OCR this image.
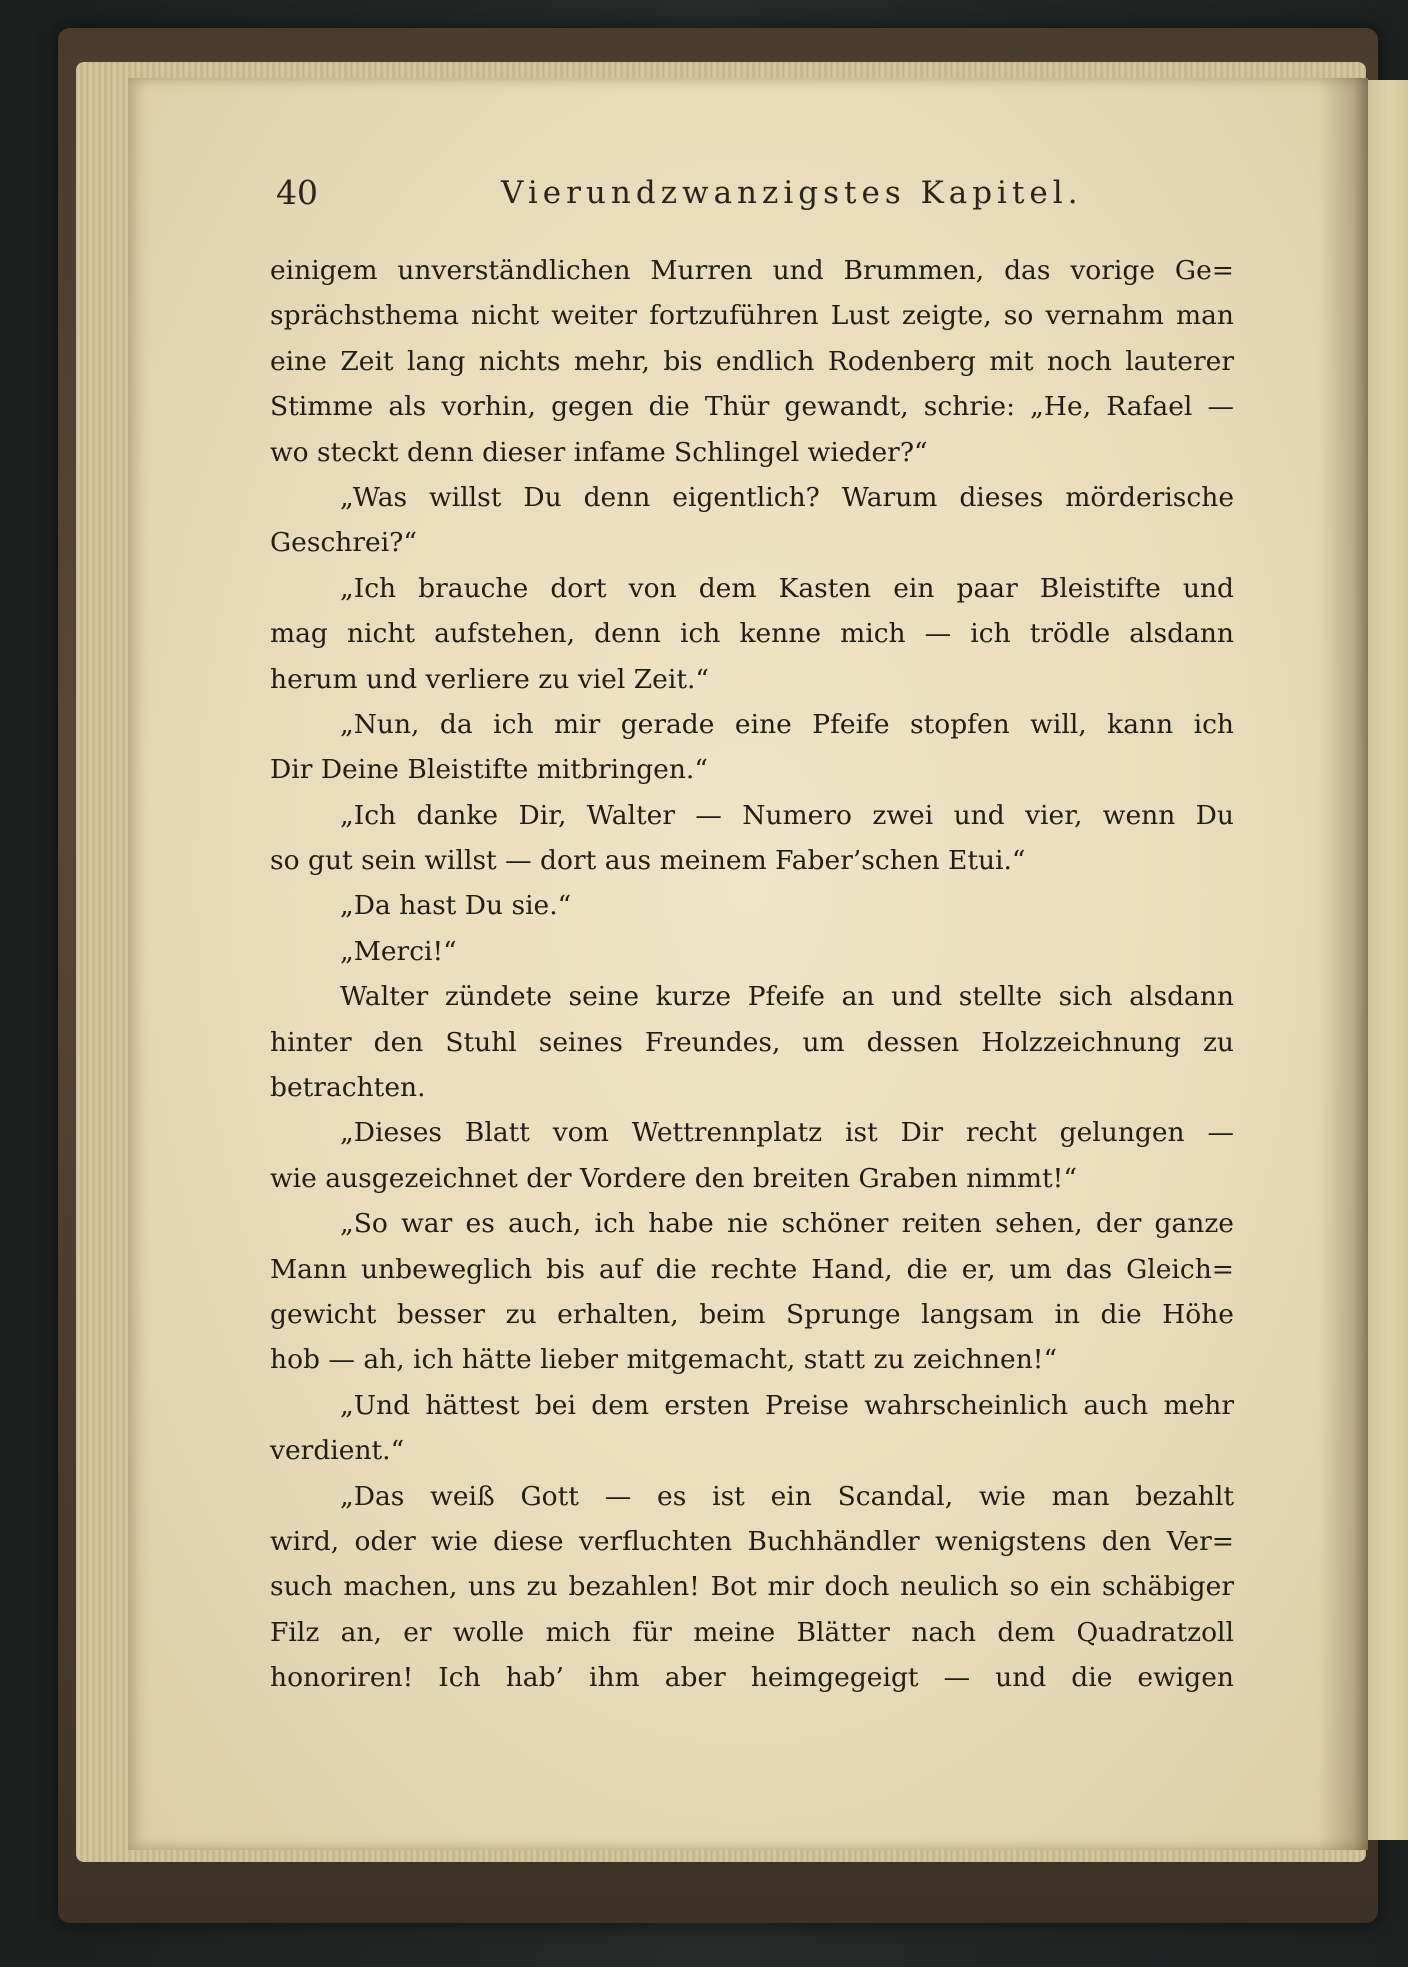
40	Vierundzwanzigstes Kapitel.
einigem unverständlichen Murren und Brummen, das vorige Ge=
sprächsthema nicht weiter fortzuführen Lust zeigte, so vernahm man
eine Zeit lang nichts mehr, bis endlich Rodenberg mit noch lauterer
Stimme als vorhin, gegen die Thür gewandt, schrie: „He, Rafael —
wo steckt denn dieser infame Schlingel wieder?“
„Was willst Du denn eigentlich? Warum dieses mörderische
Geschrei?“
„Ich brauche dort von dem Kasten ein paar Bleistifte und
mag nicht aufstehen, denn ich kenne mich — ich trödle alsdann
herum und verliere zu viel Zeit.“
„Nun, da ich mir gerade eine Pfeife stopfen will, kann ich
Dir Deine Bleistifte mitbringen.“
„Ich danke Dir, Walter — Numero zwei und vier, wenn Du
so gut sein willst — dort aus meinem Faber’schen Etui.“
„Da hast Du sie.“
„Merci!“
Walter zündete seine kurze Pfeife an und stellte sich alsdann
hinter den Stuhl seines Freundes, um dessen Holzzeichnung zu
betrachten.
„Dieses Blatt vom Wettrennplatz ist Dir recht gelungen —
wie ausgezeichnet der Vordere den breiten Graben nimmt!“
„So war es auch, ich habe nie schöner reiten sehen, der ganze
Mann unbeweglich bis auf die rechte Hand, die er, um das Gleich=
gewicht besser zu erhalten, beim Sprunge langsam in die Höhe
hob — ah, ich hätte lieber mitgemacht, statt zu zeichnen!“
„Und hättest bei dem ersten Preise wahrscheinlich auch mehr
verdient.“
„Das weiß Gott — es ist ein Scandal, wie man bezahlt
wird, oder wie diese verfluchten Buchhändler wenigstens den Ver=
such machen, uns zu bezahlen! Bot mir doch neulich so ein schäbiger
Filz an, er wolle mich für meine Blätter nach dem Quadratzoll
honoriren! Ich hab’ ihm aber heimgegeigt — und die ewigen
